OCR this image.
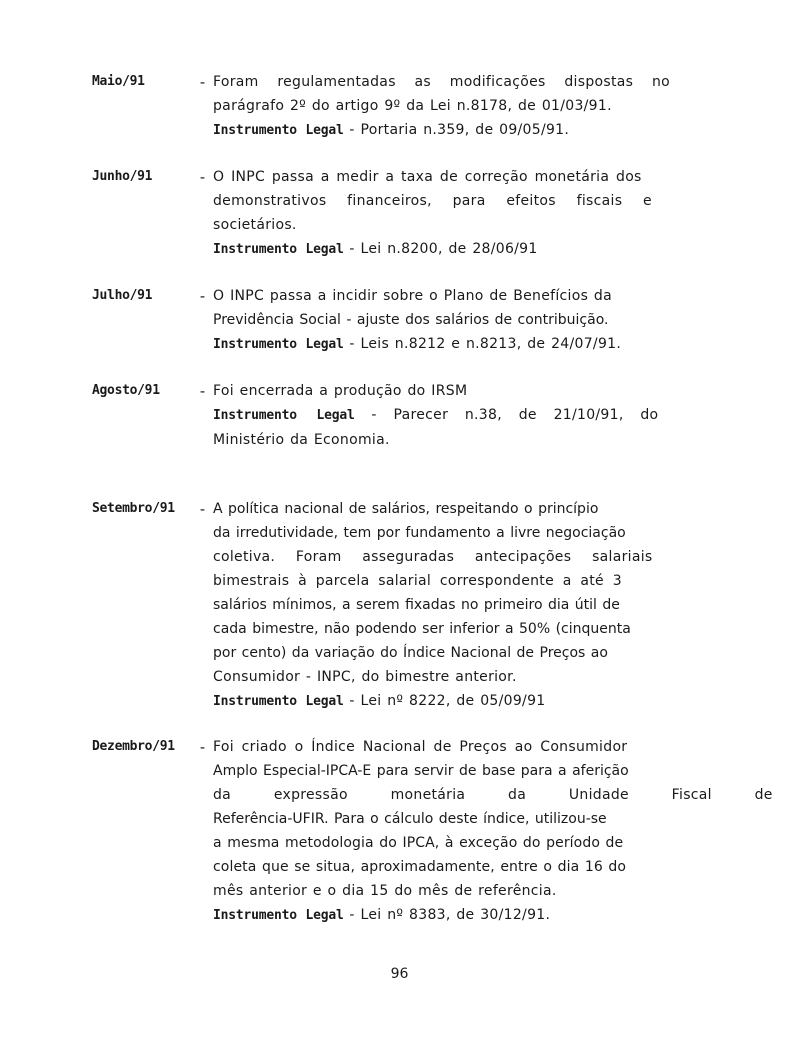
Maio/91	- Foram regulamentadas as modificações dispostas no
parágrafo 2º do artigo 9º da Lei n.8178, de 01/03/91.
Instrumento Legal - Portaria n.359, de 09/05/91.
Junho/91	- O INPC passa a medir a taxa de correção monetária dos
demonstrativos financeiros, para efeitos fiscais e
societários.
Instrumento Legal - Lei n.8200, de 28/06/91
Julho/91	- O INPC passa a incidir sobre o Plano de Benefícios da
Previdência Social - ajuste dos salários de contribuição.
Instrumento Legal - Leis n.8212 e n.8213, de 24/07/91.
Agosto/91	- Foi encerrada a produção do IRSM
Instrumento Legal - Parecer n.38, de 21/10/91, do
Ministério da Economia.
Setembro/91 - A política nacional de salários, respeitando o princípio
da irredutividade, tem por fundamento a livre negociação
coletiva. Foram asseguradas antecipações salariais
bimestrais à parcela salarial correspondente a até 3
salários mínimos, a serem fixadas no primeiro dia útil de
cada bimestre, não podendo ser inferior a 50% (cinquenta
por cento) da variação do Índice Nacional de Preços ao
Consumidor - INPC, do bimestre anterior.
Instrumento Legal - Lei nº 8222, de 05/09/91
Dezembro/91 - Foi criado o Índice Nacional de Preços ao Consumidor
Amplo Especial-IPCA-E para servir de base para a aferição
da expressão monetária da Unidade Fiscal de
Referência-UFIR. Para o cálculo deste índice, utilizou-se
a mesma metodologia do IPCA, à exceção do período de
coleta que se situa, aproximadamente, entre o dia 16 do
mês anterior e o dia 15 do mês de referência.
Instrumento Legal - Lei nº 8383, de 30/12/91.
96
